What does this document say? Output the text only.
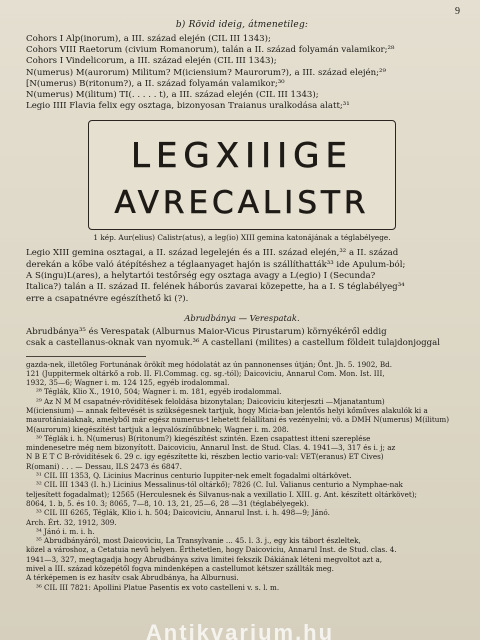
9
b) Rövid ideig, átmenetileg:
Cohors I Alp(inorum), a III. század elején (CIL III 1343);
Cohors VIII Raetorum (civium Romanorum), talán a II. század folyamán valamikor;²⁸
Cohors I Vindelicorum, a III. század elején (CIL III 1343);
N(umerus) M(aurorum) Militum? M(iciensium? Maurorum?), a III. század elején;²⁹
[N(umerus) B(ritonum?), a II. század folyamán valamikor;³⁰
N(umerus) M(ilitum) TI(. . . . . t), a III. század elején (CIL III 1343);
Legio IIII Flavia felix egy osztaga, bizonyosan Traianus uralkodása alatt;³¹
LEGXIIIGE
AVRECALISTR
1 kép. Aur(elius) Calistr(atus), a leg(io) XIII gemina katonájának a téglabélyege.

Legio XIII gemina osztagai, a II. század legelején és a III. század elején,³² a II. század
derekán a kőbe való átépítéshez a téglaanyaget hajón is szállíthatták³³ ide Apulum-ból;
A S(ingu)L(ares), a helytartói testőrség egy osztaga avagy a L(egio) I (Secunda?
Italica?) talán a II. század II. felének háborús zavarai közepette, ha a I. S téglabélyeg³⁴
erre a csapatnévre egészíthető ki (?).

Abrudbánya — Verespatak.

Abrudbánya³⁵ és Verespatak (Alburnus Maior-Vicus Pirustarum) környékéről eddig
csak a castellanus-oknak van nyomuk.³⁶ A castellani (milites) a castellum földeit tulajdonjoggal

gazda-nek, illetőleg Fortunának örökít meg hódolatát az ún pannonenses útján; Önt. Jh. 5. 1902, Bd.
121 (Juppitermek oltárkő a rob. II. Fl.Commag. cg. sg.-tól); Daicoviciu, Annarul Com. Mon. Ist. III,
1932, 35—6; Wagner i. m. 124 125, egyéb irodalommal.
²⁸ Téglák, Klio X., 1910, 504; Wagner i. m. 181, egyéb irodalommal.
²⁹ Az N M M csapatnév-rövidítések feloldása bizonytalan; Daicoviciu kiterjeszti —Mjanatantum)
M(iciensium) — annak feltevését is szükségesnek tartjuk, hogy Micia-ban jelentős helyi kőműves alakulók ki a
maurotániaiaknak, amelyből már egész numerus-t lehetett felállítani és vezényelni; vö. a DMH N(umerus) M(ilitum)
M(aurorum) kiegészítést tartjuk a legvalószínűbbnek; Wagner i. m. 208.
³⁰ Téglák i. h. N(umerus) B(ritonum?) kiegészítést szintén. Ezen csapattest itteni szereplése
mindenesetre még nem bizonyított. Daicoviciu, Annarul Inst. de Stud. Clas. 4. 1941—3, 317 és i. j; az
N B E T C B-rövidítések 6. 29 c. igy egészítette ki, részben lectio vario-val: VET(eranus) ET Cives)
R(omani) . . . — Dessau, ILS 2473 és 6847.
³¹ CIL III 1353, Q. Licinius Macrinus centurio Iuppiter-nek emelt fogadalmi oltárkövet.
³² CIL III 1343 (I. h.) Licinius Messalinus-tól oltárkő); 7826 (C. Iul. Valianus centurio a Nymphae-nak
teljesített fogadalmat); 12565 (Herculesnek és Silvanus-nak a vexillatio I. XIII. g. Ant. készített oltárkövet);
8064, 1. b, 5. és 10. 3; 8065, 7—8, 10. 13, 21, 25—6, 28 —31 (téglabélyegek).
³³ CIL III 6265, Téglák, Klio i. h. 504; Daicoviciu, Annarul Inst. i. h. 498—9; Jánó.
Arch. Ért. 32, 1912, 309.
³⁴ Jánó i. m. i. h.
³⁵ Abrudbányáról, most Daicoviciu, La Transylvanie ... 45. l. 3. j., egy kis tábort észleltek,
közel a városhoz, a Cetatuia nevű helyen. Érthetetlen, hogy Daicoviciu, Annarul Inst. de Stud. clas. 4.
1941—3, 327, megtagadja hogy Abrudbánya sziva limitei fekszik Dákiának léteni megvoltot azt a,
mivel a III. század közepétől fogva mindenképen a castellumot kétszer szállták meg.
A térképemen is ez hasítv csak Abrudbánya, ha Alburnusi.
³⁶ CIL III 7821: Apollini Platue Pasentis ex voto castelleni v. s. l. m.
Antikvarium.hu
